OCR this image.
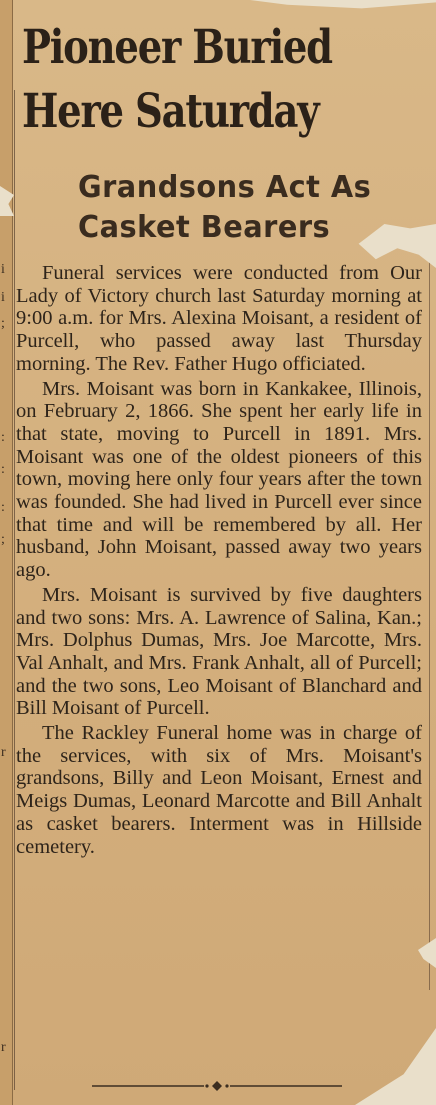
i
i
;
:
:
:
;
r
r
Pioneer Buried
Here Saturday
Grandsons Act As
Casket Bearers

Funeral services were conducted from Our Lady of Victory church last Saturday morning at 9:00 a.m. for Mrs. Alexina Moisant, a resident of Purcell, who passed away last Thursday morning. The Rev. Father Hugo officiated.

Mrs. Moisant was born in Kankakee, Illinois, on February 2, 1866. She spent her early life in that state, moving to Purcell in 1891. Mrs. Moisant was one of the oldest pioneers of this town, moving here only four years after the town was founded. She had lived in Purcell ever since that time and will be remembered by all. Her husband, John Moisant, passed away two years ago.

Mrs. Moisant is survived by five daughters and two sons: Mrs. A. Lawrence of Salina, Kan.; Mrs. Dolphus Dumas, Mrs. Joe Marcotte, Mrs. Val Anhalt, and Mrs. Frank Anhalt, all of Purcell; and the two sons, Leo Moisant of Blanchard and Bill Moisant of Purcell.

The Rackley Funeral home was in charge of the services, with six of Mrs. Moisant's grandsons, Billy and Leon Moisant, Ernest and Meigs Dumas, Leonard Marcotte and Bill Anhalt as casket bearers. Interment was in Hillside cemetery.
